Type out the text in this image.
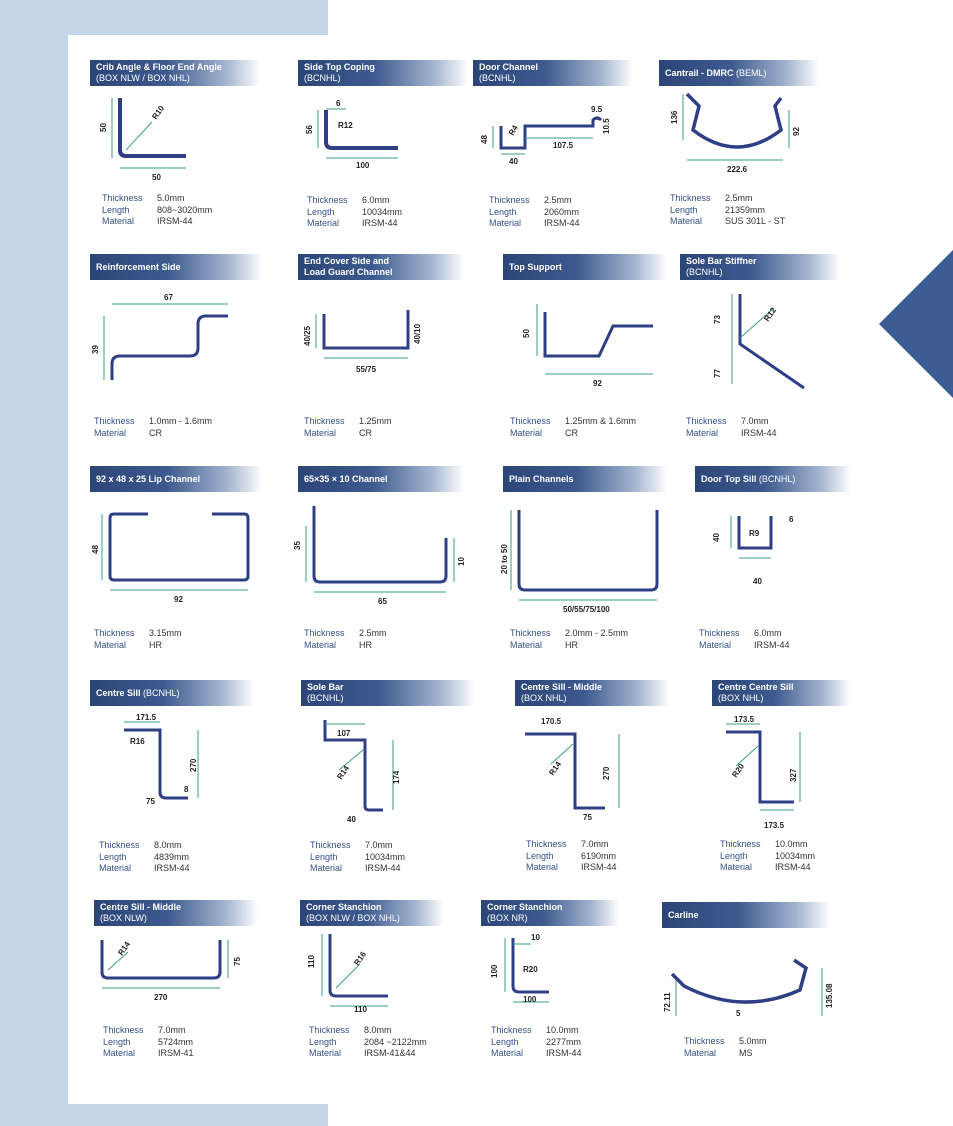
Crib Angle & Floor End Angle
(BOX NLW / BOX NHL)
50
R10
50
Thickness	5.0mm
Length	808~3020mm
Material	IRSM-44
Side Top Coping
(BCNHL)
6
R12
56
100
Thickness	6.0mm
Length	10034mm
Material	IRSM-44
Door Channel
(BCNHL)
9.5
10.5
48
R4
107.5
40
Thickness	2.5mm
Length	2060mm
Material	IRSM-44
Cantrail - DMRC (BEML)
136
92
222.6
Thickness	2.5mm
Length	21359mm
Material	SUS 301L - ST
Reinforcement Side
67
39
Thickness	1.0mm - 1.6mm
Material	CR
End Cover Side and
Load Guard Channel
40/25	40/10
55/75
Thickness	1.25mm
Material	CR
Top Support
50
92
Thickness	1.25mm & 1.6mm
Material	CR
Sole Bar Stiffner
(BCNHL)
73	R12
77
Thickness	7.0mm
Material	IRSM-44
92 x 48 x 25 Lip Channel
48
92
Thickness	3.15mm
Material	HR
65×35 × 10 Channel
35
10
65
Thickness	2.5mm
Material	HR
Plain Channels
20 to 50
50/55/75/100
Thickness	2.0mm - 2.5mm
Material	HR
Door Top Sill (BCNHL)
40	R9
6
40
Thickness	6.0mm
Material	IRSM-44
Centre Sill (BCNHL)
171.5
R16
270
8
75
Thickness	8.0mm
Length	4839mm
Material	IRSM-44
Sole Bar
(BCNHL)
107
R14	174
40
Thickness	7.0mm
Length	10034mm
Material	IRSM-44
Centre Sill - Middle
(BOX NHL)
170.5
R14	270
75
Thickness	7.0mm
Length	6190mm
Material	IRSM-44
Centre Centre Sill
(BOX NHL)
173.5
R20	327
173.5
Thickness	10.0mm
Length	10034mm
Material	IRSM-44
Centre Sill - Middle
(BOX NLW)
R14
75
270
Thickness	7.0mm
Length	5724mm
Material	IRSM-41
Corner Stanchion
(BOX NLW / BOX NHL)
110	R16
110
Thickness	8.0mm
Length	2084 ~2122mm
Material	IRSM-41&44
Corner Stanchion
(BOX NR)
10
100	R20
100
Thickness	10.0mm
Length	2277mm
Material	IRSM-44
Carline
72.11
5
135.08
Thickness	5.0mm
Material	MS
